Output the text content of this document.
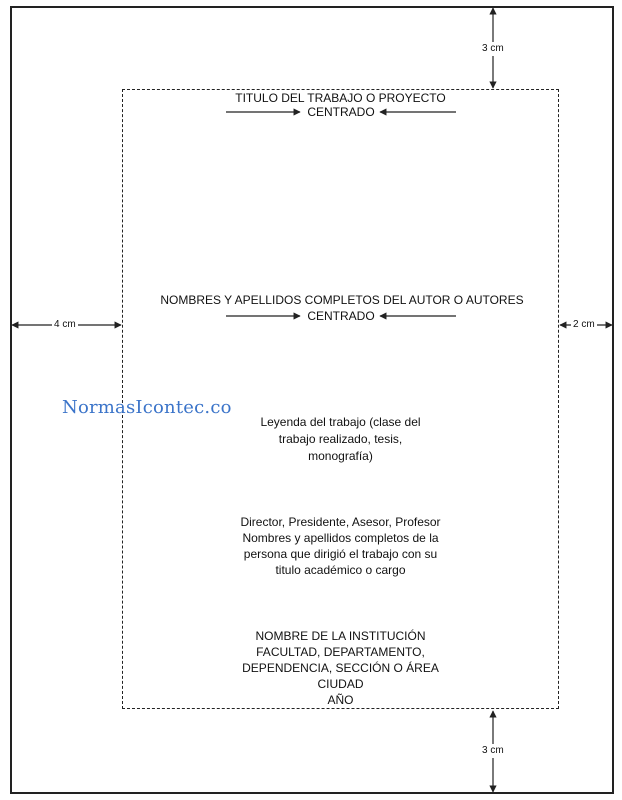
3 cm
3 cm
4 cm	2 cm
TITULO DEL TRABAJO O PROYECTO
CENTRADO
NOMBRES Y APELLIDOS COMPLETOS DEL AUTOR O AUTORES
CENTRADO
NormasIcontec.co
Leyenda del trabajo (clase del
trabajo realizado, tesis,
monografía)
Director, Presidente, Asesor, Profesor
Nombres y apellidos completos de la
persona que dirigió el trabajo con su
titulo académico o cargo
NOMBRE DE LA INSTITUCIÓN
FACULTAD, DEPARTAMENTO,
DEPENDENCIA, SECCIÓN O ÁREA
CIUDAD
AÑO
